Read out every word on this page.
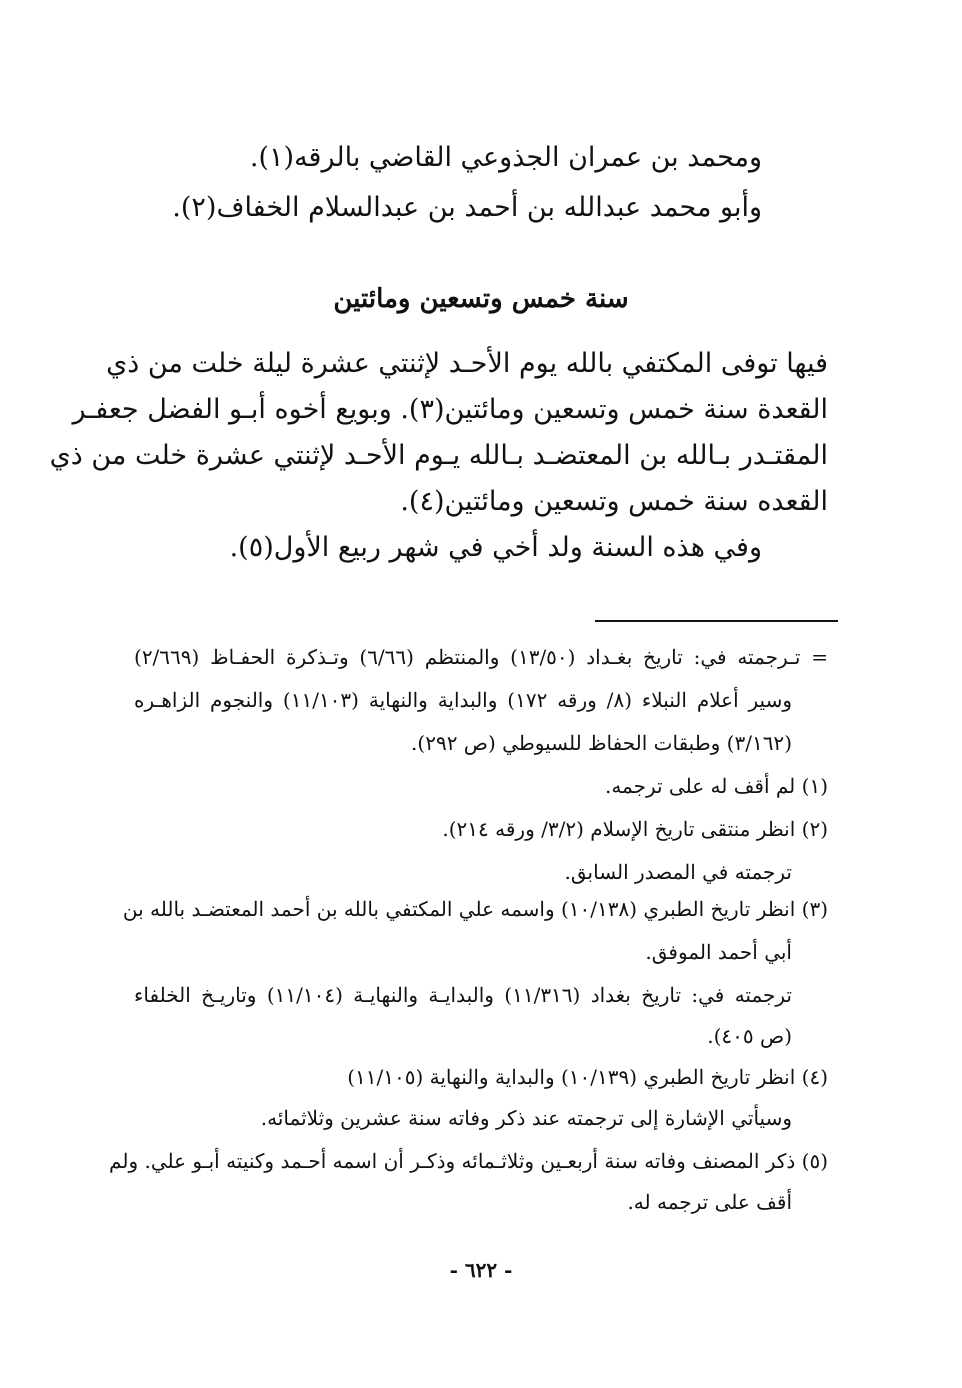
ومحمد بن عمران الجذوعي القاضي بالرقه(١).
وأبو محمد عبدالله بن أحمد بن عبدالسلام الخفاف(٢).
سنة خمس وتسعين ومائتين
فيها توفى المكتفي بالله يوم الأحـد لإثنتي عشرة ليلة خلت من ذي
القعدة سنة خمس وتسعين ومائتين(٣). وبويع أخوه أبـو الفضل جعفـر
المقتـدر بـالله بن المعتضـد بـالله يـوم الأحـد لإثنتي عشرة خلت من ذي
القعده سنة خمس وتسعين ومائتين(٤).
وفي هذه السنة ولد أخي في شهر ربيع الأول(٥).
= تـرجمته في: تاريخ بغـداد (١٣/٥٠) والمنتظم (٦/٦٦) وتـذكرة الحفـاظ (٢/٦٦٩)
وسير أعلام النبلاء (٨/ ورقه ١٧٢) والبداية والنهاية (١١/١٠٣) والنجوم الزاهـره
(٣/١٦٢) وطبقات الحفاظ للسيوطي (ص ٢٩٢).
(١) لم أقف له على ترجمه.
(٢) انظر منتقى تاريخ الإسلام (٣/٢/ ورقه ٢١٤).
ترجمته في المصدر السابق.
(٣) انظر تاريخ الطبري (١٠/١٣٨) واسمه علي المكتفي بالله بن أحمد المعتضـد بالله بن
أبي أحمد الموفق.
ترجمته في: تاريخ بغداد (١١/٣١٦) والبدايـة والنهايـة (١١/١٠٤) وتاريـخ الخلفاء
(ص ٤٠٥).
(٤) انظر تاريخ الطبري (١٠/١٣٩) والبداية والنهاية (١١/١٠٥)
وسيأتي الإشارة إلى ترجمته عند ذكر وفاته سنة عشرين وثلاثمائه.
(٥) ذكر المصنف وفاته سنة أربعـين وثلاثـمائه وذكـر أن اسمه أحـمد وكنيته أبـو علي. ولم
أقف على ترجمه له.
- ٦٢٢ -
